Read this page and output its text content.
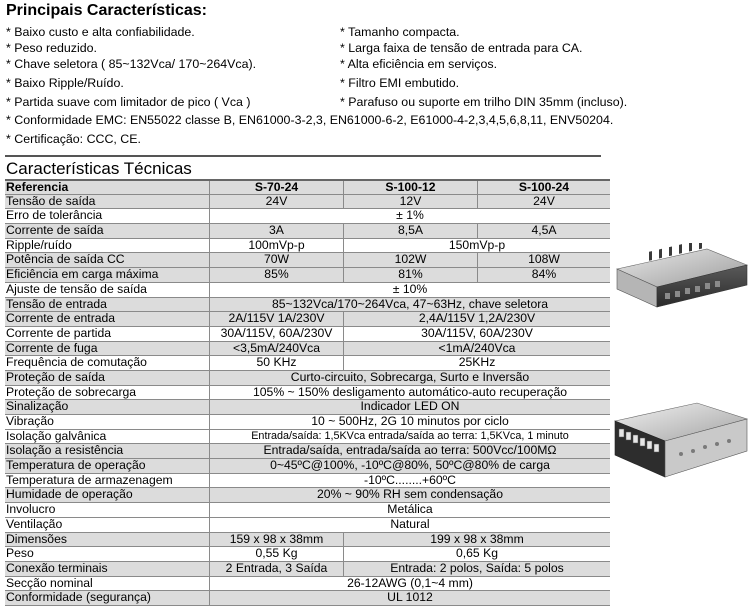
Principais Características:
* Baixo custo e alta confiabilidade.
* Peso reduzido.
* Chave seletora ( 85~132Vca/ 170~264Vca).
* Baixo Ripple/Ruído.
* Partida suave com limitador de pico ( Vca )
* Tamanho compacta.
* Larga faixa de tensão de entrada para CA.
* Alta eficiência em serviços.
* Filtro EMI embutido.
* Parafuso ou suporte em trilho DIN 35mm (incluso).
* Conformidade EMC: EN55022 classe B, EN61000-3-2,3, EN61000-6-2, E61000-4-2,3,4,5,6,8,11, ENV50204.
* Certificação: CCC, CE.
Características Técnicas
Referencia	S-70-24	S-100-12	S-100-24
Tensão de saída	24V	12V	24V
Erro de tolerância	± 1%
Corrente de saída	3A	8,5A	4,5A
Ripple/ruído	100mVp-p	150mVp-p
Potência de saída CC	70W	102W	108W
Eficiência em carga máxima	85%	81%	84%
Ajuste de tensão de saída	± 10%
Tensão de entrada	85~132Vca/170~264Vca, 47~63Hz, chave seletora
Corrente de entrada	2A/115V 1A/230V	2,4A/115V 1,2A/230V
Corrente de partida	30A/115V, 60A/230V	30A/115V, 60A/230V
Corrente de fuga	<3,5mA/240Vca	<1mA/240Vca
Frequência de comutação	50 KHz	25KHz
Proteção de saída	Curto-circuito, Sobrecarga, Surto e Inversão
Proteção de sobrecarga	105% ~ 150% desligamento automático-auto recuperação
Sinalização	Indicador LED ON
Vibração	10 ~ 500Hz, 2G 10 minutos por ciclo
Isolação galvânica	Entrada/saída: 1,5KVca entrada/saída ao terra: 1,5KVca, 1 minuto
Isolação a resistência	Entrada/saída, entrada/saída ao terra: 500Vcc/100MΩ
Temperatura de operação	0~45ºC@100%, -10ºC@80%, 50ºC@80% de carga
Temperatura de armazenagem	-10ºC........+60ºC
Humidade de operação	20% ~ 90% RH sem condensação
Involucro	Metálica
Ventilação	Natural
Dimensões	159 x 98 x 38mm	199 x 98 x 38mm
Peso	0,55 Kg	0,65 Kg
Conexão terminais	2 Entrada, 3 Saída	Entrada: 2 polos, Saída: 5 polos
Secção nominal	26-12AWG (0,1~4 mm)
Conformidade (segurança)	UL 1012
